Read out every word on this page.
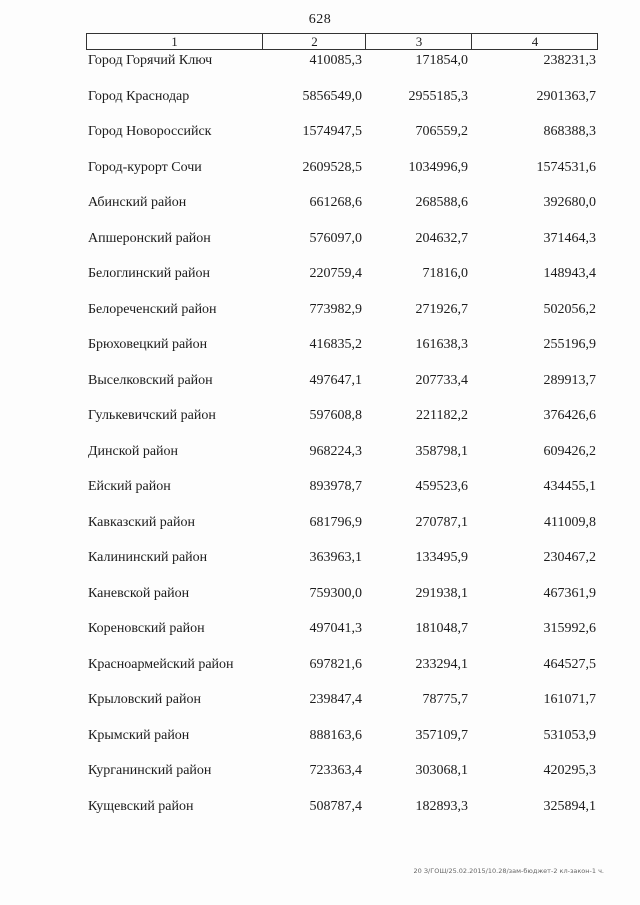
628
1	2	3	4
Город Горячий Ключ	410085,3	171854,0	238231,3
Город Краснодар	5856549,0	2955185,3	2901363,7
Город Новороссийск	1574947,5	706559,2	868388,3
Город-курорт Сочи	2609528,5	1034996,9	1574531,6
Абинский район	661268,6	268588,6	392680,0
Апшеронский район	576097,0	204632,7	371464,3
Белоглинский район	220759,4	71816,0	148943,4
Белореченский район	773982,9	271926,7	502056,2
Брюховецкий район	416835,2	161638,3	255196,9
Выселковский район	497647,1	207733,4	289913,7
Гулькевичский район	597608,8	221182,2	376426,6
Динской район	968224,3	358798,1	609426,2
Ейский район	893978,7	459523,6	434455,1
Кавказский район	681796,9	270787,1	411009,8
Калининский район	363963,1	133495,9	230467,2
Каневской район	759300,0	291938,1	467361,9
Кореновский район	497041,3	181048,7	315992,6
Красноармейский район	697821,6	233294,1	464527,5
Крыловский район	239847,4	78775,7	161071,7
Крымский район	888163,6	357109,7	531053,9
Курганинский район	723363,4	303068,1	420295,3
Кущевский район	508787,4	182893,3	325894,1
20 З/ГОШ/25.02.2015/10.28/зам-бюджет-2 кл-закон-1 ч.
